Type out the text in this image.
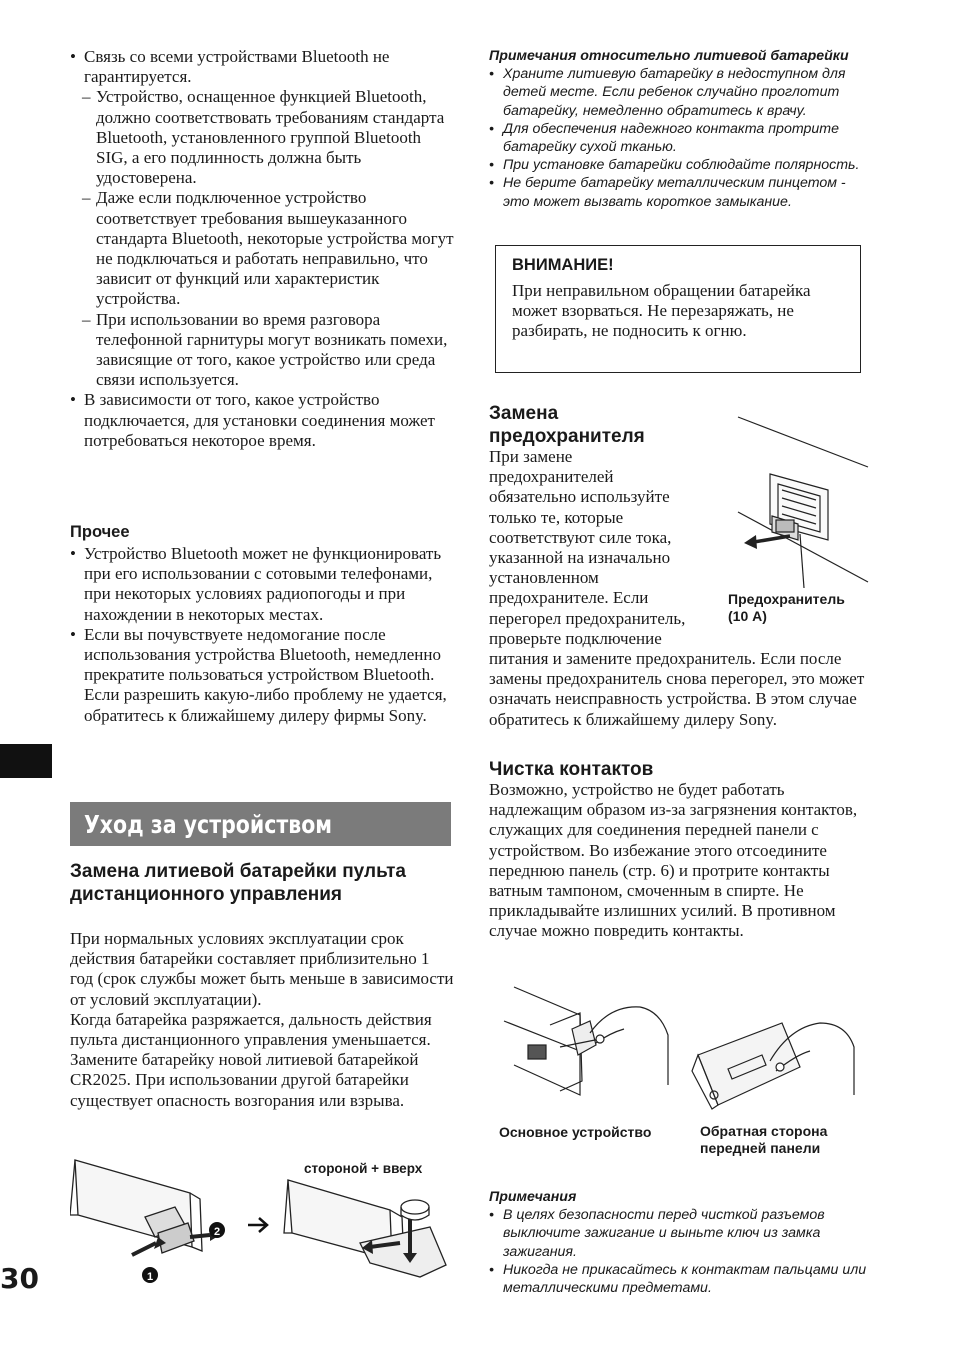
30
• Связь со всеми устройствами Bluetooth не гарантируется.
– Устройство, оснащенное функцией Bluetooth, должно соответствовать требованиям стандарта Bluetooth, установленного группой Bluetooth SIG, а его подлинность должна быть удостоверена.
– Даже если подключенное устройство соответствует требования вышеуказанного стандарта Bluetooth, некоторые устройства могут не подключаться и работать неправильно, что зависит от функций или характеристик устройства.
– При использовании во время разговора телефонной гарнитуры могут возникать помехи, зависящие от того, какое устройство или среда связи используется.
• В зависимости от того, какое устройство подключается, для установки соединения может потребоваться некоторое время.
Прочее
• Устройство Bluetooth может не функционировать при его использовании с сотовыми телефонами, при некоторых условиях радиопогоды и при нахождении в некоторых местах.
• Если вы почувствуете недомогание после использования устройства Bluetooth, немедленно прекратите пользоваться устройством Bluetooth. Если разрешить какую-либо проблему не удается, обратитесь к ближайшему дилеру фирмы Sony.
Уход за устройством
Замена литиевой батарейки пульта дистанционного управления
При нормальных условиях эксплуатации срок действия батарейки составляет приблизительно 1 год (срок службы может быть меньше в зависимости от условий эксплуатации).
Когда батарейка разряжается, дальность действия пульта дистанционного управления уменьшается. Замените батарейку новой литиевой батарейкой CR2025. При использовании другой батарейки существует опасность возгорания или взрыва.
2
1
стороной + вверх
Примечания относительно литиевой батарейки
• Храните литиевую батарейку в недоступном для детей месте. Если ребенок случайно проглотит батарейку, немедленно обратитесь к врачу.
• Для обеспечения надежного контакта протрите батарейку сухой тканью.
• При установке батарейки соблюдайте полярность.
• Не берите батарейку металлическим пинцетом - это может вызвать короткое замыкание.
ВНИМАНИЕ!
При неправильном обращении батарейка может взорваться. Не перезаряжать, не разбирать, не подносить к огню.
Замена предохранителя
При замене
предохранителей
обязательно используйте
только те, которые
соответствуют силе тока,
указанной на изначально
установленном
предохранителе. Если
перегорел предохранитель,
проверьте подключение
питания и замените предохранитель. Если после замены предохранитель снова перегорел, это может означать неисправность устройства. В этом случае обратитесь к ближайшему дилеру Sony.
Предохранитель (10 А)
Чистка контактов
Возможно, устройство не будет работать надлежащим образом из-за загрязнения контактов, служащих для соединения передней панели с устройством. Во избежание этого отсоедините переднюю панель (стр. 6) и протрите контакты ватным тампоном, смоченным в спирте. Не прикладывайте излишних усилий. В противном случае можно повредить контакты.
Основное устройство	Обратная сторона передней панели
Примечания
• В целях безопасности перед чисткой разъемов выключите зажигание и выньте ключ из замка зажигания.
• Никогда не прикасайтесь к контактам пальцами или металлическими предметами.
